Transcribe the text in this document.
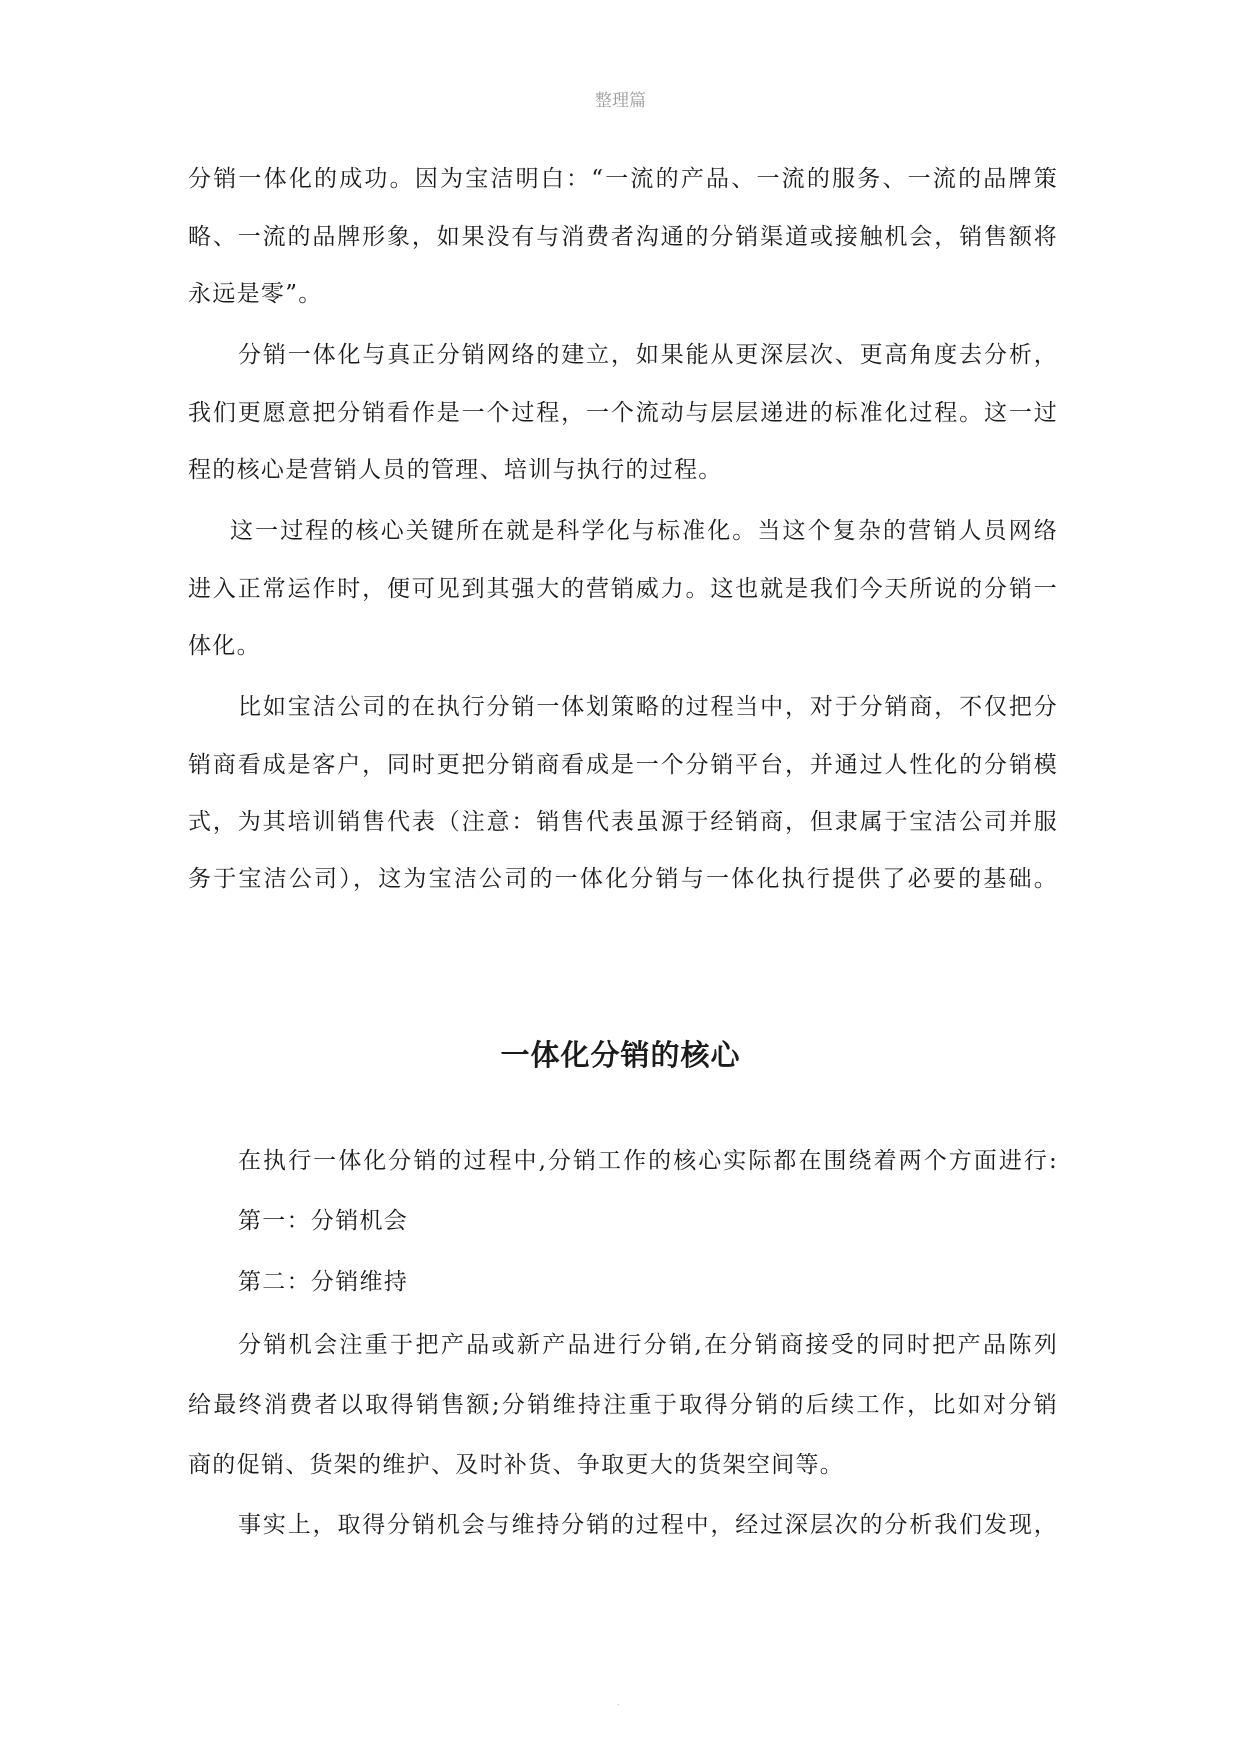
整理篇
分销一体化的成功。因为宝洁明白：“一流的产品、一流的服务、一流的品牌策
略、一流的品牌形象，如果没有与消费者沟通的分销渠道或接触机会，销售额将
永远是零”。
分销一体化与真正分销网络的建立，如果能从更深层次、更高角度去分析，
我们更愿意把分销看作是一个过程，一个流动与层层递进的标准化过程。这一过
程的核心是营销人员的管理、培训与执行的过程。
这一过程的核心关键所在就是科学化与标准化。当这个复杂的营销人员网络
进入正常运作时，便可见到其强大的营销威力。这也就是我们今天所说的分销一
体化。
比如宝洁公司的在执行分销一体划策略的过程当中，对于分销商，不仅把分
销商看成是客户，同时更把分销商看成是一个分销平台，并通过人性化的分销模
式，为其培训销售代表（注意：销售代表虽源于经销商，但隶属于宝洁公司并服
务于宝洁公司），这为宝洁公司的一体化分销与一体化执行提供了必要的基础。
一体化分销的核心
在执行一体化分销的过程中,分销工作的核心实际都在围绕着两个方面进行:
第一：分销机会
第二：分销维持
分销机会注重于把产品或新产品进行分销,在分销商接受的同时把产品陈列
给最终消费者以取得销售额;分销维持注重于取得分销的后续工作，比如对分销
商的促销、货架的维护、及时补货、争取更大的货架空间等。
事实上，取得分销机会与维持分销的过程中，经过深层次的分析我们发现，
.
